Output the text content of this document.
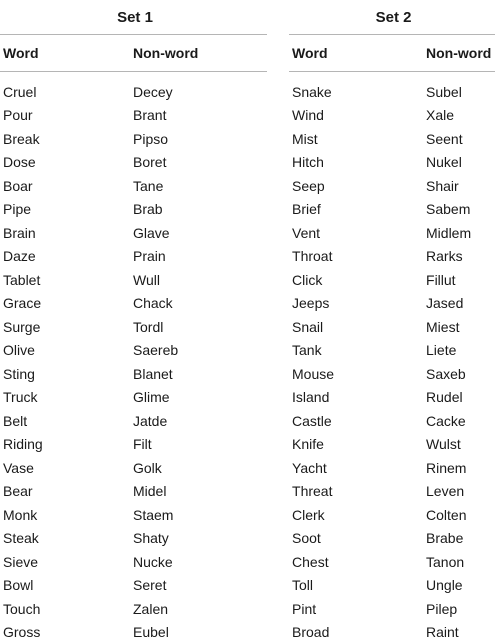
Set 1			Set 2	
Word	Non-word		Word	Non-word

Cruel	Decey		Snake	Subel
Pour	Brant		Wind	Xale
Break	Pipso		Mist	Seent
Dose	Boret		Hitch	Nukel
Boar	Tane		Seep	Shair
Pipe	Brab		Brief	Sabem
Brain	Glave		Vent	Midlem
Daze	Prain		Throat	Rarks
Tablet	Wull		Click	Fillut
Grace	Chack		Jeeps	Jased
Surge	Tordl		Snail	Miest
Olive	Saereb		Tank	Liete
Sting	Blanet		Mouse	Saxeb
Truck	Glime		Island	Rudel
Belt	Jatde		Castle	Cacke
Riding	Filt		Knife	Wulst
Vase	Golk		Yacht	Rinem
Bear	Midel		Threat	Leven
Monk	Staem		Clerk	Colten
Steak	Shaty		Soot	Brabe
Sieve	Nucke		Chest	Tanon
Bowl	Seret		Toll	Ungle
Touch	Zalen		Pint	Pilep
Gross	Eubel		Broad	Raint
